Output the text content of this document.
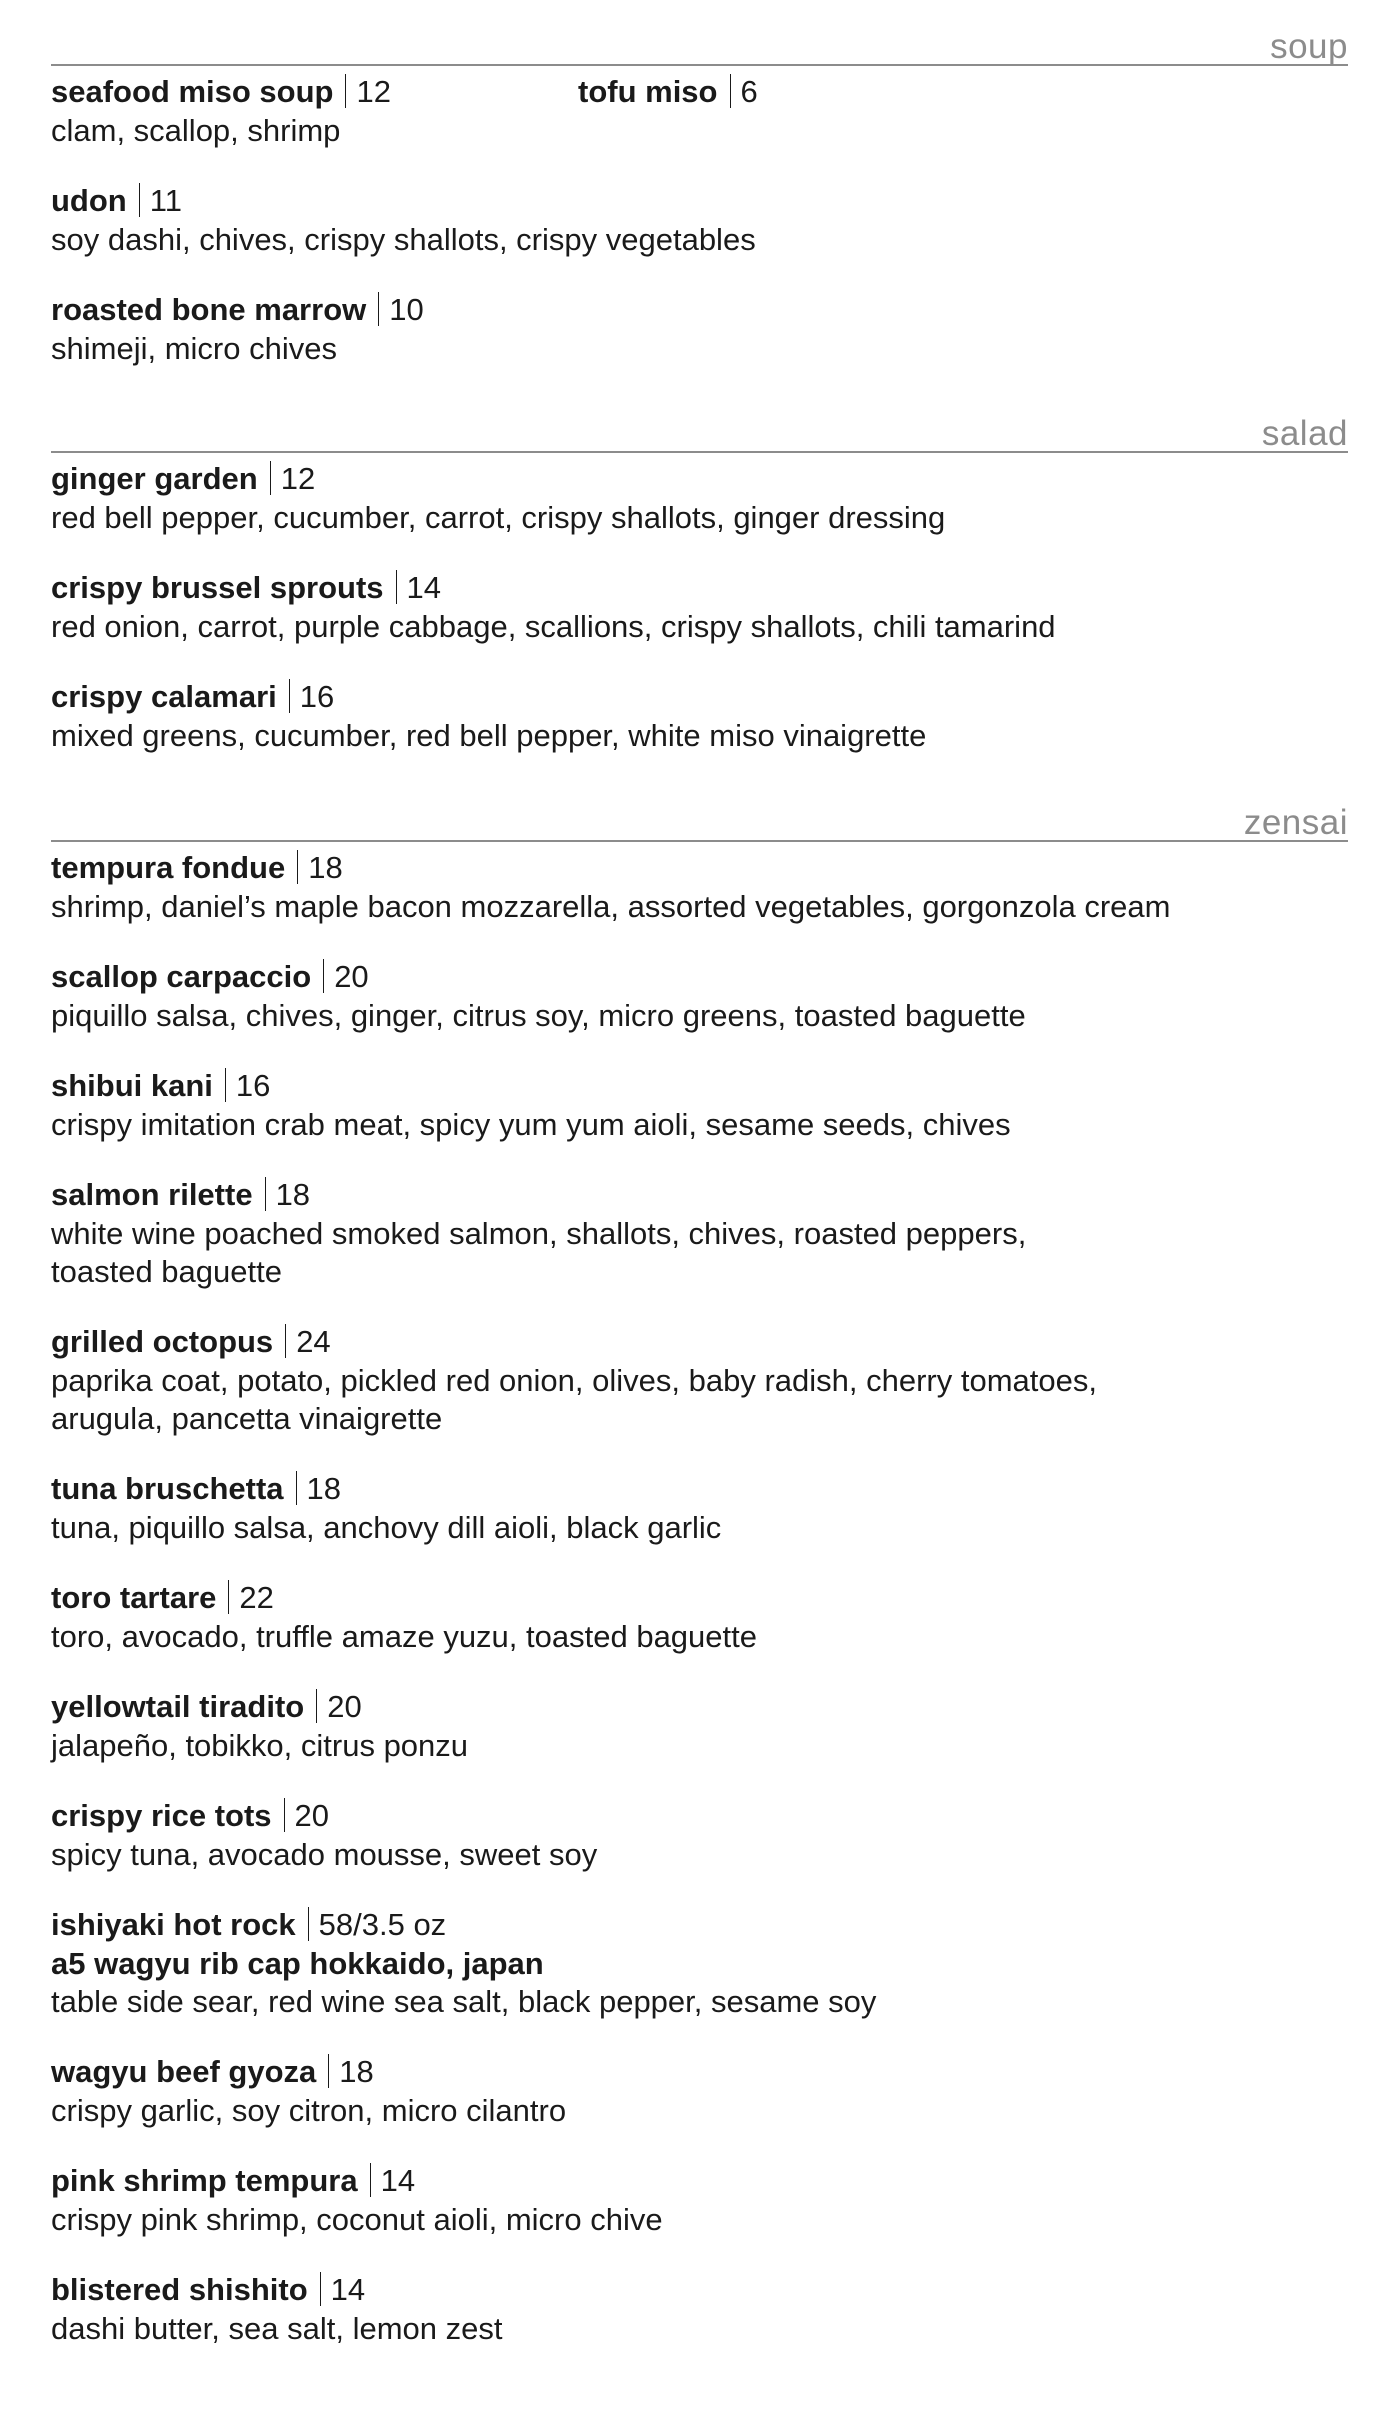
soup
seafood miso soup 12
clam, scallop, shrimp
tofu miso 6
udon 11
soy dashi, chives, crispy shallots, crispy vegetables
roasted bone marrow 10
shimeji, micro chives
salad
ginger garden 12
red bell pepper, cucumber, carrot, crispy shallots, ginger dressing
crispy brussel sprouts 14
red onion, carrot, purple cabbage, scallions, crispy shallots, chili tamarind
crispy calamari 16
mixed greens, cucumber, red bell pepper, white miso vinaigrette
zensai
tempura fondue 18
shrimp, daniel’s maple bacon mozzarella, assorted vegetables, gorgonzola cream
scallop carpaccio 20
piquillo salsa, chives, ginger, citrus soy, micro greens, toasted baguette
shibui kani 16
crispy imitation crab meat, spicy yum yum aioli, sesame seeds, chives
salmon rilette 18
white wine poached smoked salmon, shallots, chives, roasted peppers,
toasted baguette
grilled octopus 24
paprika coat, potato, pickled red onion, olives, baby radish, cherry tomatoes,
arugula, pancetta vinaigrette
tuna bruschetta 18
tuna, piquillo salsa, anchovy dill aioli, black garlic
toro tartare 22
toro, avocado, truffle amaze yuzu, toasted baguette
yellowtail tiradito 20
jalapeño, tobikko, citrus ponzu
crispy rice tots 20
spicy tuna, avocado mousse, sweet soy
ishiyaki hot rock 58/3.5 oz
a5 wagyu rib cap hokkaido, japan
table side sear, red wine sea salt, black pepper, sesame soy
wagyu beef gyoza 18
crispy garlic, soy citron, micro cilantro
pink shrimp tempura 14
crispy pink shrimp, coconut aioli, micro chive
blistered shishito 14
dashi butter, sea salt, lemon zest
